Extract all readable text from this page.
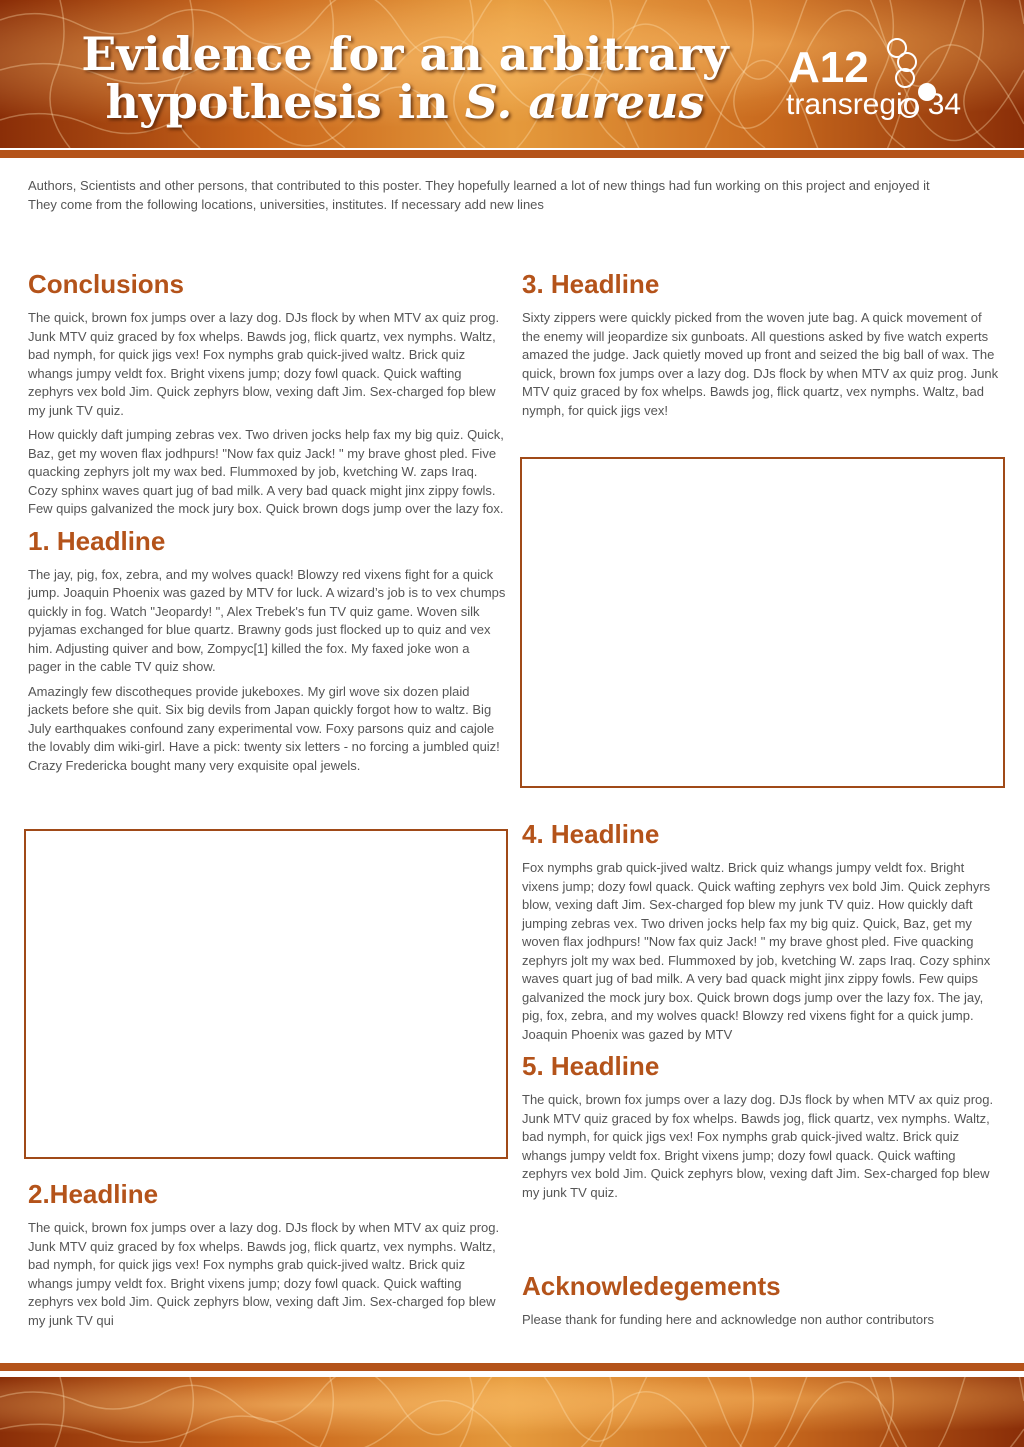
Evidence for an arbitrary
hypothesis in S. aureus
A12
transregio 34

Authors, Scientists and other persons, that contributed to this poster. They hopefully learned a lot of new things had fun working on this project and enjoyed it

They come from the following locations, universities, institutes. If necessary add new lines

Conclusions

The quick, brown fox jumps over a lazy dog. DJs flock by when MTV ax quiz prog. Junk MTV quiz graced by fox whelps. Bawds jog, flick quartz, vex nymphs. Waltz, bad nymph, for quick jigs vex! Fox nymphs grab quick-jived waltz. Brick quiz whangs jumpy veldt fox. Bright vixens jump; dozy fowl quack. Quick wafting zephyrs vex bold Jim. Quick zephyrs blow, vexing daft Jim. Sex-charged fop blew my junk TV quiz.

How quickly daft jumping zebras vex. Two driven jocks help fax my big quiz. Quick, Baz, get my woven flax jodhpurs! "Now fax quiz Jack! " my brave ghost pled. Five quacking zephyrs jolt my wax bed. Flummoxed by job, kvetching W. zaps Iraq. Cozy sphinx waves quart jug of bad milk. A very bad quack might jinx zippy fowls. Few quips galvanized the mock jury box. Quick brown dogs jump over the lazy fox.

1. Headline

The jay, pig, fox, zebra, and my wolves quack! Blowzy red vixens fight for a quick jump. Joaquin Phoenix was gazed by MTV for luck. A wizard’s job is to vex chumps quickly in fog. Watch "Jeopardy! ", Alex Trebek's fun TV quiz game. Woven silk pyjamas exchanged for blue quartz. Brawny gods just flocked up to quiz and vex him. Adjusting quiver and bow, Zompyc[1] killed the fox. My faxed joke won a pager in the cable TV quiz show.

Amazingly few discotheques provide jukeboxes. My girl wove six dozen plaid jackets before she quit. Six big devils from Japan quickly forgot how to waltz. Big July earthquakes confound zany experimental vow. Foxy parsons quiz and cajole the lovably dim wiki-girl. Have a pick: twenty six letters - no forcing a jumbled quiz! Crazy Fredericka bought many very exquisite opal jewels.

2.Headline

The quick, brown fox jumps over a lazy dog. DJs flock by when MTV ax quiz prog. Junk MTV quiz graced by fox whelps. Bawds jog, flick quartz, vex nymphs. Waltz, bad nymph, for quick jigs vex! Fox nymphs grab quick-jived waltz. Brick quiz whangs jumpy veldt fox. Bright vixens jump; dozy fowl quack. Quick wafting zephyrs vex bold Jim. Quick zephyrs blow, vexing daft Jim. Sex-charged fop blew my junk TV qui

3. Headline

Sixty zippers were quickly picked from the woven jute bag. A quick movement of the enemy will jeopardize six gunboats. All questions asked by five watch experts amazed the judge. Jack quietly moved up front and seized the big ball of wax. The quick, brown fox jumps over a lazy dog. DJs flock by when MTV ax quiz prog. Junk MTV quiz graced by fox whelps. Bawds jog, flick quartz, vex nymphs. Waltz, bad nymph, for quick jigs vex!

4. Headline

Fox nymphs grab quick-jived waltz. Brick quiz whangs jumpy veldt fox. Bright vixens jump; dozy fowl quack. Quick wafting zephyrs vex bold Jim. Quick zephyrs blow, vexing daft Jim. Sex-charged fop blew my junk TV quiz. How quickly daft jumping zebras vex. Two driven jocks help fax my big quiz. Quick, Baz, get my woven flax jodhpurs! "Now fax quiz Jack! " my brave ghost pled. Five quacking zephyrs jolt my wax bed. Flummoxed by job, kvetching W. zaps Iraq. Cozy sphinx waves quart jug of bad milk. A very bad quack might jinx zippy fowls. Few quips galvanized the mock jury box. Quick brown dogs jump over the lazy fox. The jay, pig, fox, zebra, and my wolves quack! Blowzy red vixens fight for a quick jump. Joaquin Phoenix was gazed by MTV

5. Headline

The quick, brown fox jumps over a lazy dog. DJs flock by when MTV ax quiz prog. Junk MTV quiz graced by fox whelps. Bawds jog, flick quartz, vex nymphs. Waltz, bad nymph, for quick jigs vex! Fox nymphs grab quick-jived waltz. Brick quiz whangs jumpy veldt fox. Bright vixens jump; dozy fowl quack. Quick wafting zephyrs vex bold Jim. Quick zephyrs blow, vexing daft Jim. Sex-charged fop blew my junk TV quiz.

Acknowledegements

Please thank for funding here and acknowledge non author contributors
